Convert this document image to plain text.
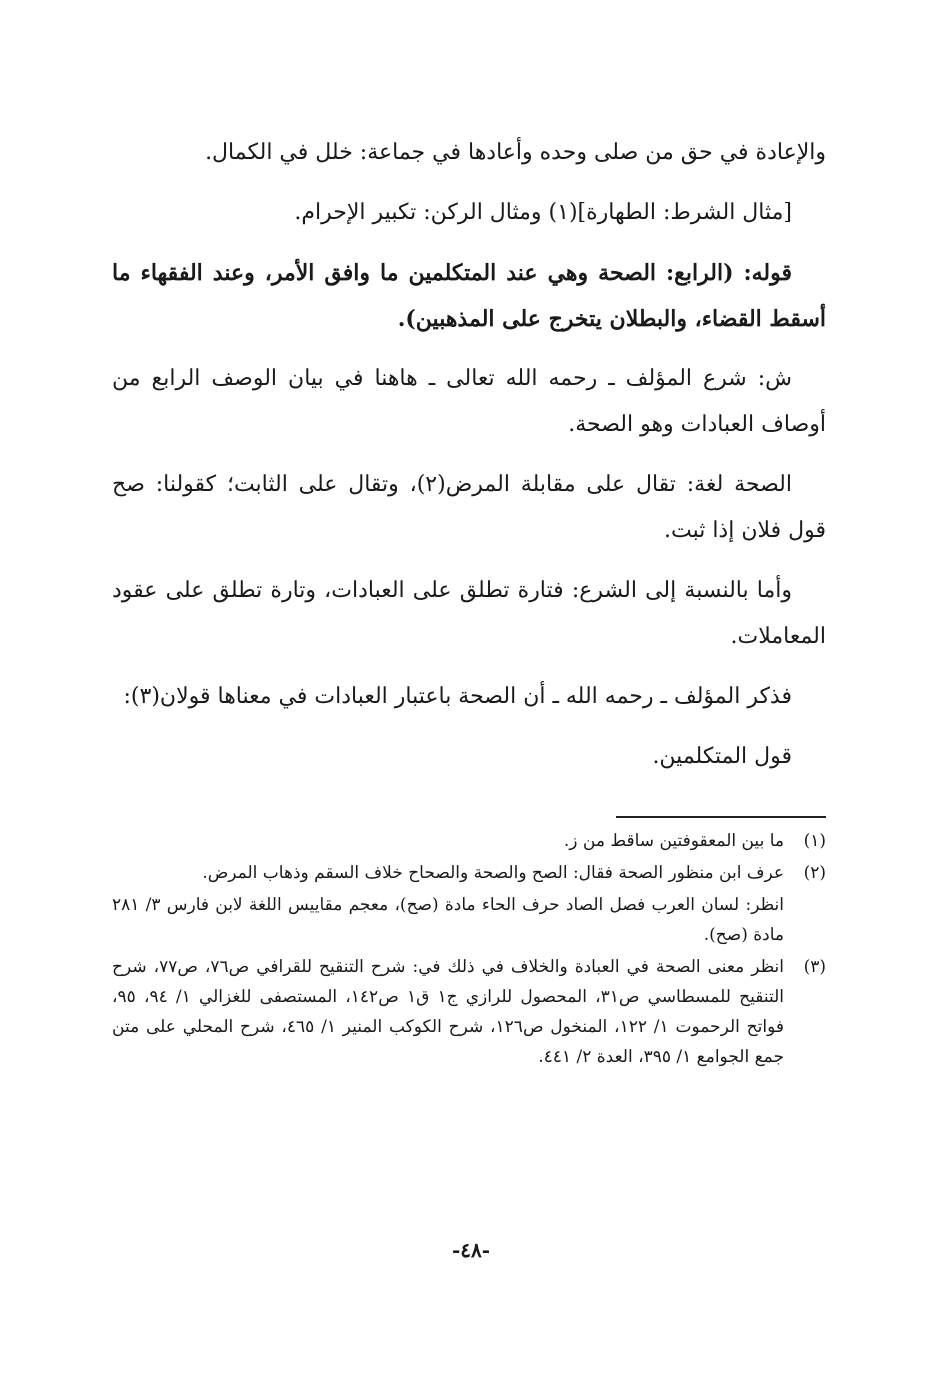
والإعادة في حق من صلى وحده وأعادها في جماعة: خلل في الكمال.

[مثال الشرط: الطهارة](١) ومثال الركن: تكبير الإحرام.

قوله: (الرابع: الصحة وهي عند المتكلمين ما وافق الأمر، وعند الفقهاء ما أسقط القضاء، والبطلان يتخرج على المذهبين).

ش: شرع المؤلف ـ رحمه الله تعالى ـ هاهنا في بيان الوصف الرابع من أوصاف العبادات وهو الصحة.

الصحة لغة: تقال على مقابلة المرض(٢)، وتقال على الثابت؛ كقولنا: صح قول فلان إذا ثبت.

وأما بالنسبة إلى الشرع: فتارة تطلق على العبادات، وتارة تطلق على عقود المعاملات.

فذكر المؤلف ـ رحمه الله ـ أن الصحة باعتبار العبادات في معناها قولان(٣):

قول المتكلمين.

(١)
ما بين المعقوفتين ساقط من ز.

(٢)
عرف ابن منظور الصحة فقال: الصح والصحة والصحاح خلاف السقم وذهاب المرض.

انظر: لسان العرب فصل الصاد حرف الحاء مادة (صح)، معجم مقاييس اللغة لابن فارس ٣/ ٢٨١ مادة (صح).

(٣)
انظر معنى الصحة في العبادة والخلاف في ذلك في: شرح التنقيح للقرافي ص٧٦، ص٧٧، شرح التنقيح للمسطاسي ص٣١، المحصول للرازي ج١ ق١ ص١٤٢، المستصفى للغزالي ١/ ٩٤، ٩٥، فواتح الرحموت ١/ ١٢٢، المنخول ص١٢٦، شرح الكوكب المنير ١/ ٤٦٥، شرح المحلي على متن جمع الجوامع ١/ ٣٩٥، العدة ٢/ ٤٤١.

-٤٨-
